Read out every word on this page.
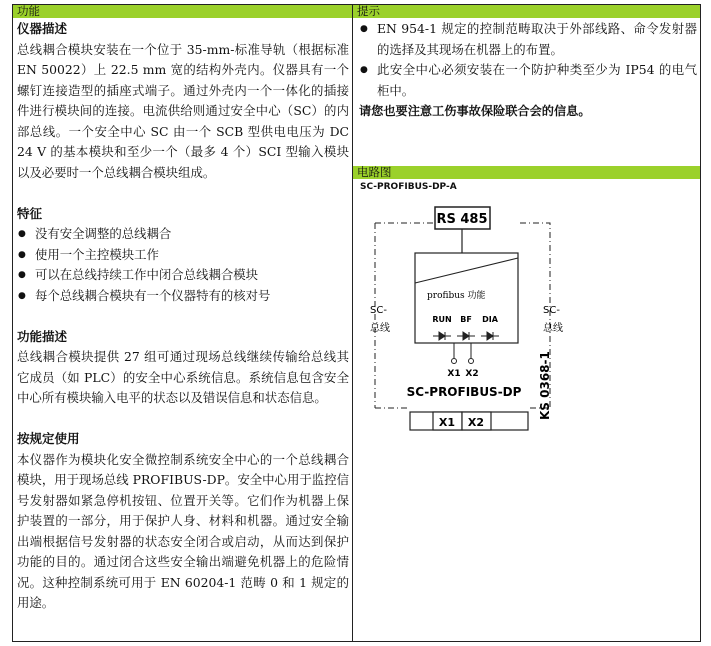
功能	提示
仪器描述
总线耦合模块安装在一个位于 35-mm-标准导轨（根据标准 EN 50022）上 22.5 mm 宽的结构外壳内。仪器具有一个螺钉连接造型的插座式端子。通过外壳内一个一体化的插接件进行模块间的连接。电流供给则通过安全中心（SC）的内部总线。一个安全中心 SC 由一个 SCB 型供电电压为 DC 24 V 的基本模块和至少一个（最多 4 个）SCI 型输入模块以及必要时一个总线耦合模块组成。
特征
● 没有安全调整的总线耦合
● 使用一个主控模块工作
● 可以在总线持续工作中闭合总线耦合模块
● 每个总线耦合模块有一个仪器特有的核对号
功能描述
总线耦合模块提供 27 组可通过现场总线继续传输给总线其它成员（如 PLC）的安全中心系统信息。系统信息包含安全中心所有模块输入电平的状态以及错误信息和状态信息。
按规定使用
本仪器作为模块化安全微控制系统安全中心的一个总线耦合模块，用于现场总线 PROFIBUS-DP。安全中心用于监控信号发射器如紧急停机按钮、位置开关等。它们作为机器上保护装置的一部分，用于保护人身、材料和机器。通过安全输出端根据信号发射器的状态安全闭合或启动，从而达到保护功能的目的。通过闭合这些安全输出端避免机器上的危险情况。这种控制系统可用于 EN 60204-1 范畴 0 和 1 规定的用途。
● EN 954-1 规定的控制范畴取决于外部线路、命令发射器的选择及其现场在机器上的布置。
● 此安全中心必须安装在一个防护种类至少为 IP54 的电气柜中。
请您也要注意工伤事故保险联合会的信息。
电路图
SC-PROFIBUS-DP-A
RS 485
profibus 功能
RUN BF DIA
X1 X2
SC-PROFIBUS-DP
X1 X2
KS 0368-1
SC-
总线
SC-
总线
